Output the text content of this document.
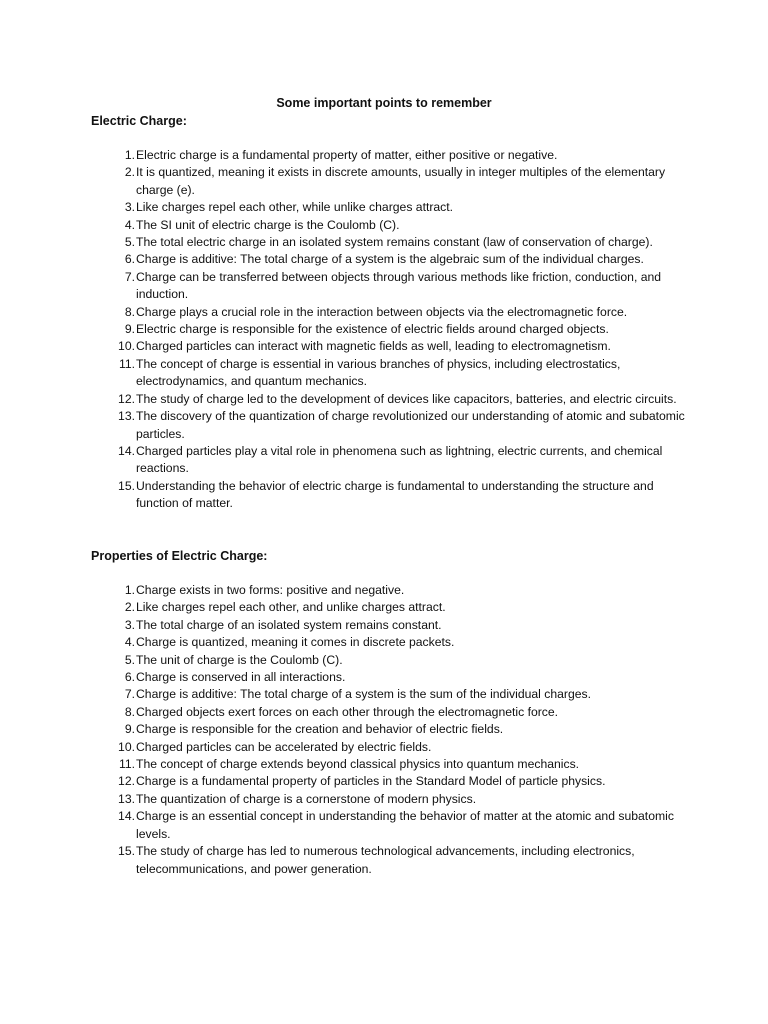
Some important points to remember
Electric Charge:
1. Electric charge is a fundamental property of matter, either positive or negative.
2. It is quantized, meaning it exists in discrete amounts, usually in integer multiples of the elementary charge (e).
3. Like charges repel each other, while unlike charges attract.
4. The SI unit of electric charge is the Coulomb (C).
5. The total electric charge in an isolated system remains constant (law of conservation of charge).
6. Charge is additive: The total charge of a system is the algebraic sum of the individual charges.
7. Charge can be transferred between objects through various methods like friction, conduction, and induction.
8. Charge plays a crucial role in the interaction between objects via the electromagnetic force.
9. Electric charge is responsible for the existence of electric fields around charged objects.
10. Charged particles can interact with magnetic fields as well, leading to electromagnetism.
11. The concept of charge is essential in various branches of physics, including electrostatics, electrodynamics, and quantum mechanics.
12. The study of charge led to the development of devices like capacitors, batteries, and electric circuits.
13. The discovery of the quantization of charge revolutionized our understanding of atomic and subatomic particles.
14. Charged particles play a vital role in phenomena such as lightning, electric currents, and chemical reactions.
15. Understanding the behavior of electric charge is fundamental to understanding the structure and function of matter.
Properties of Electric Charge:
1. Charge exists in two forms: positive and negative.
2. Like charges repel each other, and unlike charges attract.
3. The total charge of an isolated system remains constant.
4. Charge is quantized, meaning it comes in discrete packets.
5. The unit of charge is the Coulomb (C).
6. Charge is conserved in all interactions.
7. Charge is additive: The total charge of a system is the sum of the individual charges.
8. Charged objects exert forces on each other through the electromagnetic force.
9. Charge is responsible for the creation and behavior of electric fields.
10. Charged particles can be accelerated by electric fields.
11. The concept of charge extends beyond classical physics into quantum mechanics.
12. Charge is a fundamental property of particles in the Standard Model of particle physics.
13. The quantization of charge is a cornerstone of modern physics.
14. Charge is an essential concept in understanding the behavior of matter at the atomic and subatomic levels.
15. The study of charge has led to numerous technological advancements, including electronics, telecommunications, and power generation.
